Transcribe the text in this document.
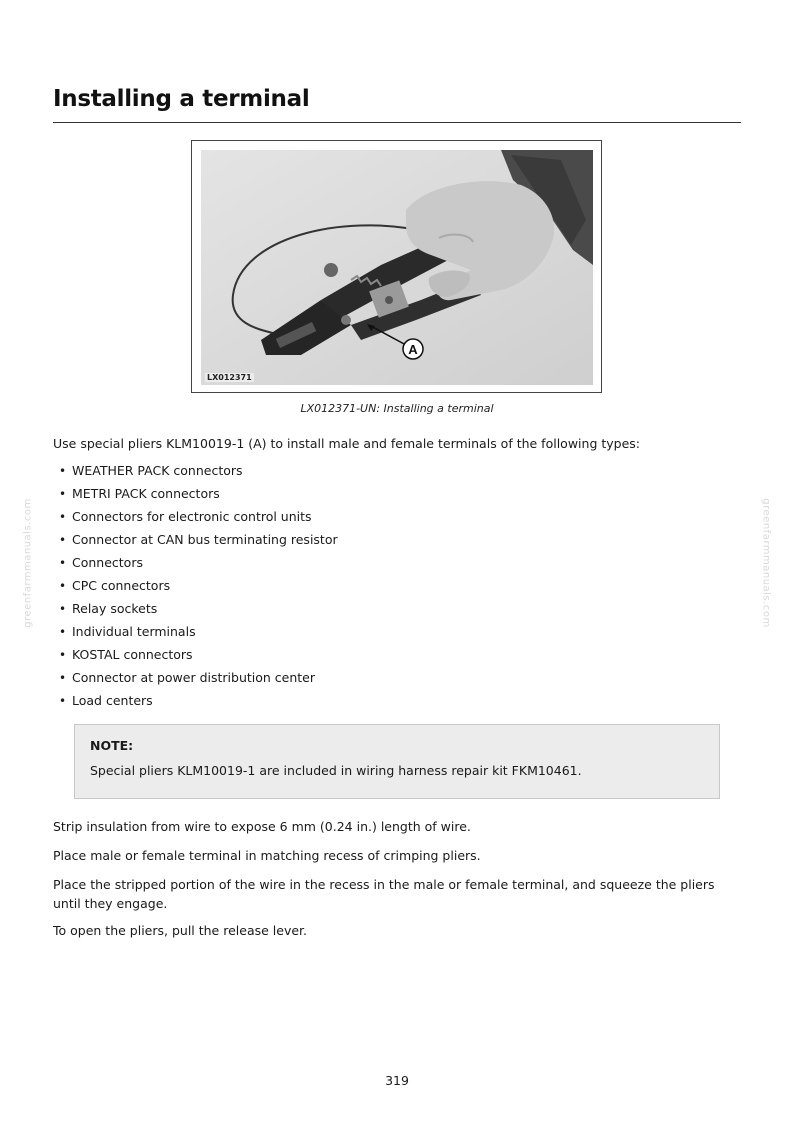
Installing a terminal
A
LX012371
LX012371-UN: Installing a terminal

Use special pliers KLM10019-1 (A) to install male and female terminals of the following types:

• WEATHER PACK connectors
• METRI PACK connectors
• Connectors for electronic control units
• Connector at CAN bus terminating resistor
• Connectors
• CPC connectors
• Relay sockets
• Individual terminals
• KOSTAL connectors
• Connector at power distribution center
• Load centers
NOTE:
Special pliers KLM10019-1 are included in wiring harness repair kit FKM10461.

Strip insulation from wire to expose 6 mm (0.24 in.) length of wire.

Place male or female terminal in matching recess of crimping pliers.

Place the stripped portion of the wire in the recess in the male or female terminal, and squeeze the pliers until they engage.

To open the pliers, pull the release lever.

319
greenfarmmanuals.com	greenfarmmanuals.com
